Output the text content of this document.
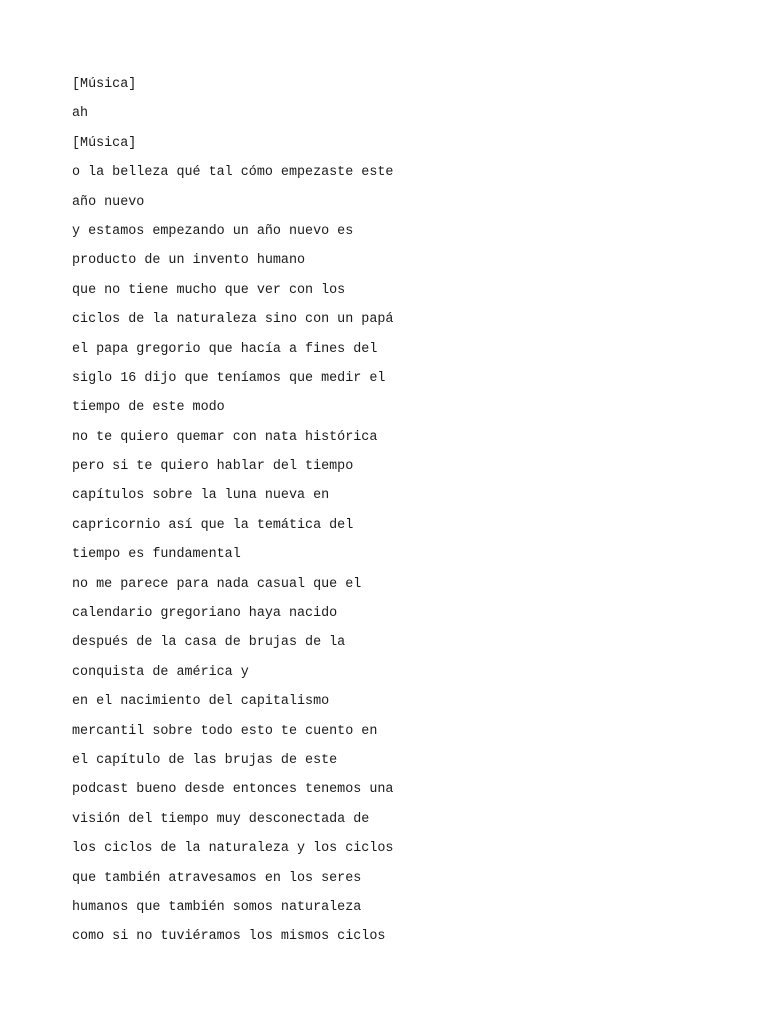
[Música]
ah
[Música]
o la belleza qué tal cómo empezaste este
año nuevo
y estamos empezando un año nuevo es
producto de un invento humano
que no tiene mucho que ver con los
ciclos de la naturaleza sino con un papá
el papa gregorio que hacía a fines del
siglo 16 dijo que teníamos que medir el
tiempo de este modo
no te quiero quemar con nata histórica
pero si te quiero hablar del tiempo
capítulos sobre la luna nueva en
capricornio así que la temática del
tiempo es fundamental
no me parece para nada casual que el
calendario gregoriano haya nacido
después de la casa de brujas de la
conquista de américa y
en el nacimiento del capitalismo
mercantil sobre todo esto te cuento en
el capítulo de las brujas de este
podcast bueno desde entonces tenemos una
visión del tiempo muy desconectada de
los ciclos de la naturaleza y los ciclos
que también atravesamos en los seres
humanos que también somos naturaleza
como si no tuviéramos los mismos ciclos
